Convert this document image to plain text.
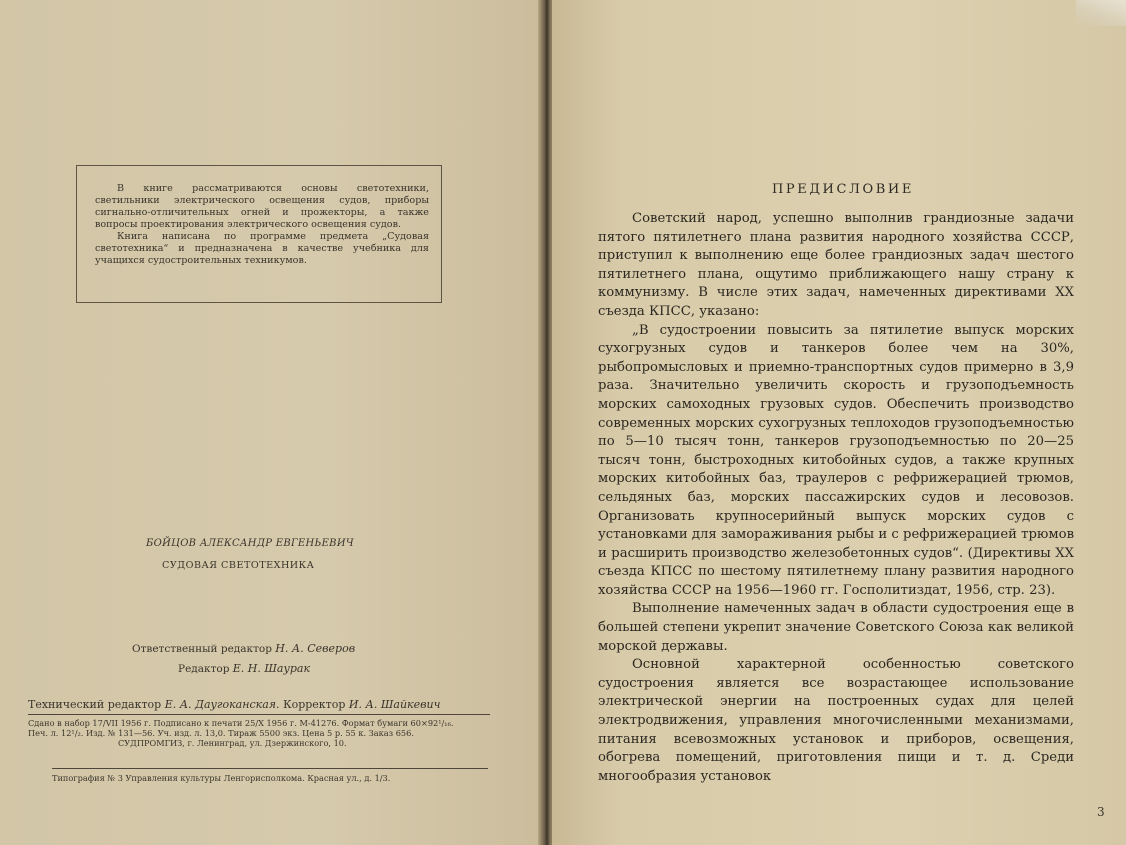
В книге рассматриваются основы светотехники, светильники электрического освещения судов, приборы сигнально-отличительных огней и прожекторы, а также вопросы проектирования электрического освещения судов.

Книга написана по программе предмета „Судовая светотехника“ и предназначена в качестве учебника для учащихся судостроительных техникумов.

БОЙЦОВ АЛЕКСАНДР ЕВГЕНЬЕВИЧ
СУДОВАЯ СВЕТОТЕХНИКА
Ответственный редактор Н. А. Северов
Редактор Е. Н. Шаурак
Технический редактор Е. А. Даугоканская. Корректор И. А. Шайкевич
Сдано в набор 17/VII 1956 г. Подписано к печати 25/X 1956 г. М-41276. Формат бумаги 60×92¹/₁₆.
Печ. л. 12¹/₂. Изд. № 131—56. Уч. изд. л. 13,0. Тираж 5500 экз. Цена 5 р. 55 к. Заказ 656.
СУДПРОМГИЗ, г. Ленинград, ул. Дзержинского, 10.
Типография № 3 Управления культуры Ленгорисполкома. Красная ул., д. 1/3.
ПРЕДИСЛОВИЕ

Советский народ, успешно выполнив грандиозные задачи пятого пятилетнего плана развития народного хозяйства СССР, приступил к выполнению еще более грандиозных задач шестого пятилетнего плана, ощутимо приближающего нашу страну к коммунизму. В числе этих задач, намеченных директивами XX съезда КПСС, указано:

„В судостроении повысить за пятилетие выпуск морских сухогрузных судов и танкеров более чем на 30%, рыбопромысловых и приемно-транспортных судов примерно в 3,9 раза. Значительно увеличить скорость и грузоподъемность морских самоходных грузовых судов. Обеспечить производство современных морских сухогрузных теплоходов грузоподъемностью по 5—10 тысяч тонн, танкеров грузоподъемностью по 20—25 тысяч тонн, быстроходных китобойных судов, а также крупных морских китобойных баз, траулеров с рефрижерацией трюмов, сельдяных баз, морских пассажирских судов и лесовозов. Организовать крупносерийный выпуск морских судов с установками для замораживания рыбы и с рефрижерацией трюмов и расширить производство железобетонных судов“. (Директивы XX съезда КПСС по шестому пятилетнему плану развития народного хозяйства СССР на 1956—1960 гг. Госполитиздат, 1956, стр. 23).

Выполнение намеченных задач в области судостроения еще в большей степени укрепит значение Советского Союза как великой морской державы.

Основной характерной особенностью советского судостроения является все возрастающее использование электрической энергии на построенных судах для целей электродвижения, управления многочисленными механизмами, питания всевозможных установок и приборов, освещения, обогрева помещений, приготовления пищи и т. д. Среди многообразия установок

3
